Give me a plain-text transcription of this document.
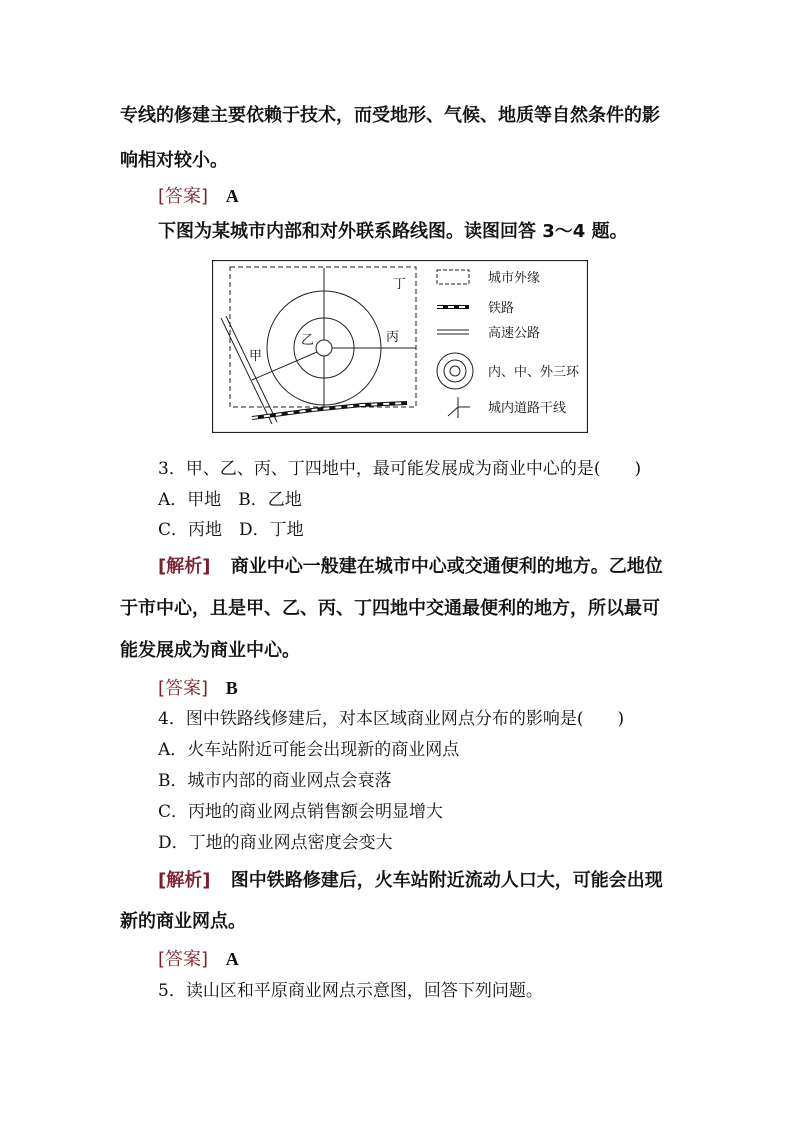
专线的修建主要依赖于技术，而受地形、气候、地质等自然条件的影
响相对较小。
[答案] A
下图为某城市内部和对外联系路线图。读图回答 3～4 题。
甲
乙	丙
丁	城市外缘
铁路
高速公路
内、中、外三环
城内道路干线
3．甲、乙、丙、丁四地中，最可能发展成为商业中心的是(　　)
A．甲地　B．乙地
C．丙地　D．丁地
[解析] 商业中心一般建在城市中心或交通便利的地方。乙地位
于市中心，且是甲、乙、丙、丁四地中交通最便利的地方，所以最可
能发展成为商业中心。
[答案] B
4．图中铁路线修建后，对本区域商业网点分布的影响是(　　)
A．火车站附近可能会出现新的商业网点
B．城市内部的商业网点会衰落
C．丙地的商业网点销售额会明显增大
D．丁地的商业网点密度会变大
[解析] 图中铁路修建后，火车站附近流动人口大，可能会出现
新的商业网点。
[答案] A
5．读山区和平原商业网点示意图，回答下列问题。
